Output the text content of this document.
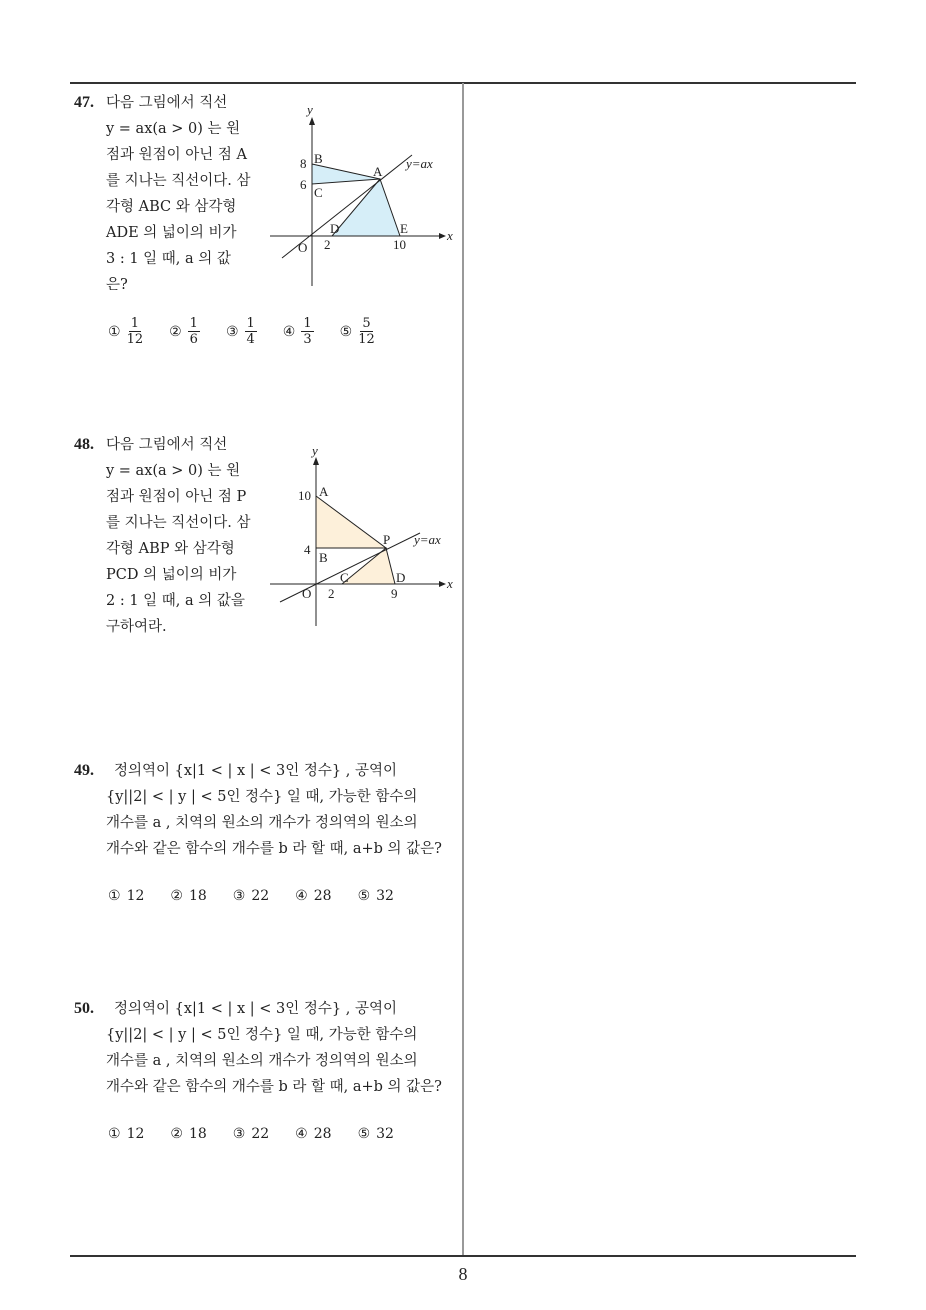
47. 다음 그림에서 직선
y = ax(a > 0) 는 원
점과 원점이 아닌 점 A
를 지나는 직선이다. 삼
각형 ABC 와 삼각형
ADE 의 넓이의 비가
3 : 1 일 때, a 의 값
은?
y
x
y=ax
O
A
B
C
D	E
8
6
2	10
① $\frac{1}{12}$ ② $\frac{1}{6}$ ③ $\frac{1}{4}$ ④ $\frac{1}{3}$ ⑤ $\frac{5}{12}$
48. 다음 그림에서 직선
y = ax(a > 0) 는 원
점과 원점이 아닌 점 P
를 지나는 직선이다. 삼
각형 ABP 와 삼각형
PCD 의 넓이의 비가
2 : 1 일 때, a 의 값을
구하여라.
y
x
y=ax
O
A
B
P
C	D
10
4
2	9
49.	정의역이 {x|1 < | x | < 3인 정수} , 공역이
{y||2| < | y | < 5인 정수} 일 때, 가능한 함수의
개수를 a , 치역의 원소의 개수가 정의역의 원소의
개수와 같은 함수의 개수를 b 라 할 때, a+b 의 값은?
① 12 ② 18 ③ 22 ④ 28 ⑤ 32
50.	정의역이 {x|1 < | x | < 3인 정수} , 공역이
{y||2| < | y | < 5인 정수} 일 때, 가능한 함수의
개수를 a , 치역의 원소의 개수가 정의역의 원소의
개수와 같은 함수의 개수를 b 라 할 때, a+b 의 값은?
① 12 ② 18 ③ 22 ④ 28 ⑤ 32
8
